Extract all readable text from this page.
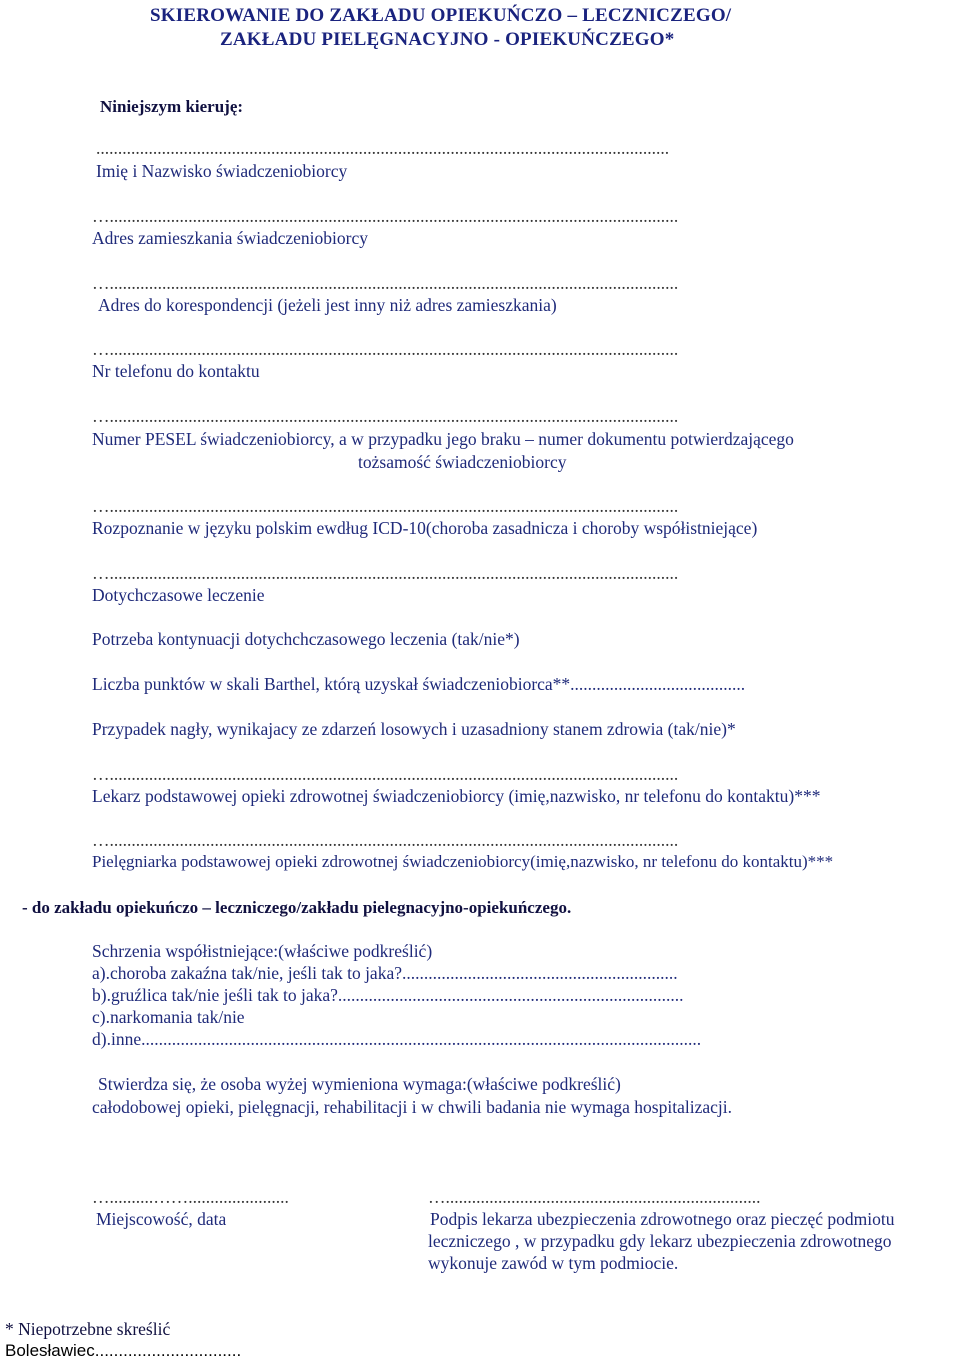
SKIEROWANIE DO ZAKŁADU OPIEKUŃCZO – LECZNICZEGO/
ZAKŁADU PIELĘGNACYJNO - OPIEKUŃCZEGO*
Niniejszym kieruję:
...................................................................................................................................
Imię i Nazwisko świadczeniobiorcy
…..................................................................................................................................
Adres zamieszkania świadczeniobiorcy
…..................................................................................................................................
Adres do korespondencji (jeżeli jest inny niż adres zamieszkania)
…..................................................................................................................................
Nr telefonu do kontaktu
…..................................................................................................................................
Numer PESEL świadczeniobiorcy, a w przypadku jego braku – numer dokumentu potwierdzającego
tożsamość świadczeniobiorcy
…..................................................................................................................................
Rozpoznanie w języku polskim ewdług ICD-10(choroba zasadnicza i choroby współistniejące)
…..................................................................................................................................
Dotychczasowe leczenie
Potrzeba kontynuacji dotychchczasowego leczenia (tak/nie*)
Liczba punktów w skali Barthel, którą uzyskał świadczeniobiorca**........................................
Przypadek nagły, wynikajacy ze zdarzeń losowych i uzasadniony stanem zdrowia (tak/nie)*
…..................................................................................................................................
Lekarz podstawowej opieki zdrowotnej świadczeniobiorcy (imię,nazwisko, nr telefonu do kontaktu)***
…..................................................................................................................................
Pielęgniarka podstawowej opieki zdrowotnej świadczeniobiorcy(imię,nazwisko, nr telefonu do kontaktu)***
- do zakładu opiekuńczo – leczniczego/zakładu pielegnacyjno-opiekuńczego.
Schrzenia współistniejące:(właściwe podkreślić)
a).choroba zakaźna tak/nie, jeśli tak to jaka?...............................................................
b).gruźlica tak/nie jeśli tak to jaka?...............................................................................
c).narkomania tak/nie
d).inne................................................................................................................................
Stwierdza się, że osoba wyżej wymieniona wymaga:(właściwe podkreślić)
całodobowej opieki, pielęgnacji, rehabilitacji i w chwili badania nie wymaga hospitalizacji.
…..........…….......................
Miejscowość, data
…........................................................................
Podpis lekarza ubezpieczenia zdrowotnego oraz pieczęć podmiotu
leczniczego , w przypadku gdy lekarz ubezpieczenia zdrowotnego
wykonuje zawód w tym podmiocie.
* Niepotrzebne skreślić
Bolesławiec...............................
